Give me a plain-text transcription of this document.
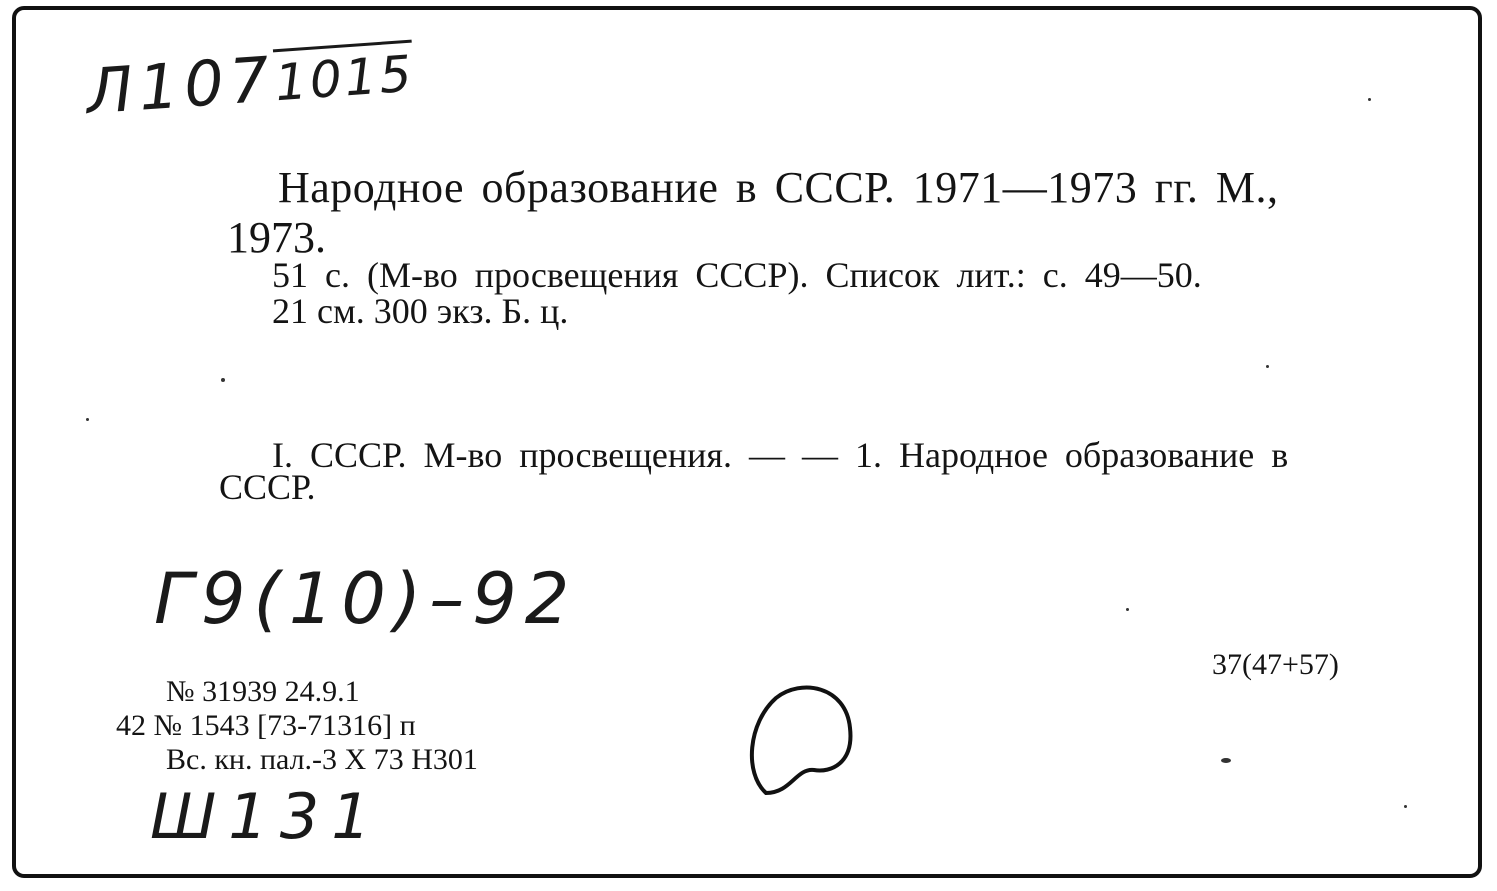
Л1071015

Народное образование в СССР. 1971—1973 гг. М.,

1973.

51 с. (М-во просвещения СССР). Список лит.: с. 49—50.

21 см. 300 экз. Б. ц.

I. СССР. М-во просвещения. — — 1. Народное образование в

СССР.

Г9(10)–92

37(47+57)

№ 31939 24.9.1

42 № 1543 [73-71316] п

Вс. кн. пал.-3 Х 73 Н301

Ш131
